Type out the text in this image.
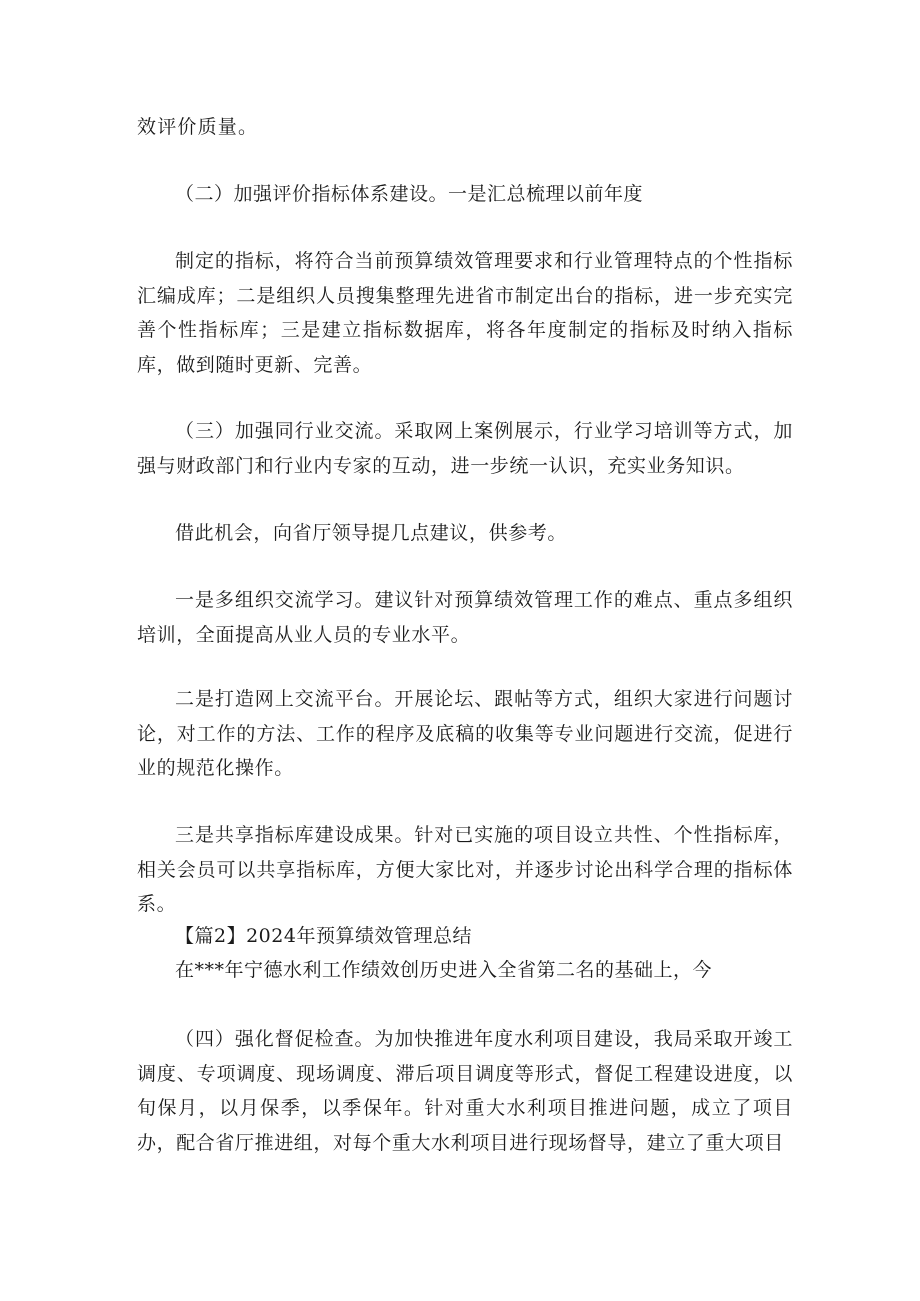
效评价质量。
（二）加强评价指标体系建设。一是汇总梳理以前年度
制定的指标，将符合当前预算绩效管理要求和行业管理特点的个性指标汇编成库；二是组织人员搜集整理先进省市制定出台的指标，进一步充实完善个性指标库；三是建立指标数据库，将各年度制定的指标及时纳入指标库，做到随时更新、完善。
（三）加强同行业交流。采取网上案例展示，行业学习培训等方式，加强与财政部门和行业内专家的互动，进一步统一认识，充实业务知识。
借此机会，向省厅领导提几点建议，供参考。
一是多组织交流学习。建议针对预算绩效管理工作的难点、重点多组织培训，全面提高从业人员的专业水平。
二是打造网上交流平台。开展论坛、跟帖等方式，组织大家进行问题讨论，对工作的方法、工作的程序及底稿的收集等专业问题进行交流，促进行业的规范化操作。
三是共享指标库建设成果。针对已实施的项目设立共性、个性指标库，相关会员可以共享指标库，方便大家比对，并逐步讨论出科学合理的指标体系。
【篇2】2024年预算绩效管理总结
在***年宁德水利工作绩效创历史进入全省第二名的基础上，今
（四）强化督促检查。为加快推进年度水利项目建设，我局采取开竣工调度、专项调度、现场调度、滞后项目调度等形式，督促工程建设进度，以旬保月，以月保季，以季保年。针对重大水利项目推进问题，成立了项目办，配合省厅推进组，对每个重大水利项目进行现场督导，建立了重大项目
